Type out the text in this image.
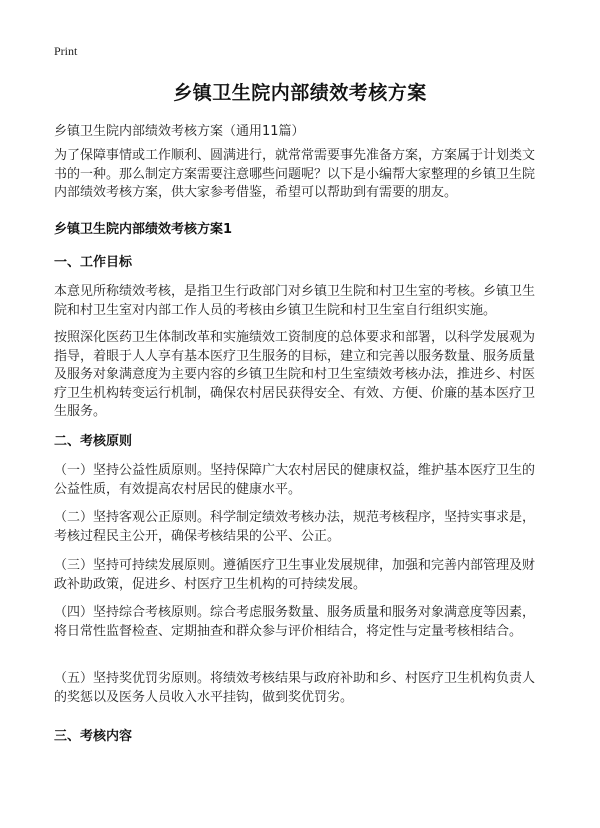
Print
乡镇卫生院内部绩效考核方案
乡镇卫生院内部绩效考核方案（通用11篇）

为了保障事情或工作顺利、圆满进行，就常常需要事先准备方案，方案属于计划类文书的一种。那么制定方案需要注意哪些问题呢？以下是小编帮大家整理的乡镇卫生院内部绩效考核方案，供大家参考借鉴，希望可以帮助到有需要的朋友。

乡镇卫生院内部绩效考核方案1
一、工作目标

本意见所称绩效考核，是指卫生行政部门对乡镇卫生院和村卫生室的考核。乡镇卫生院和村卫生室对内部工作人员的考核由乡镇卫生院和村卫生室自行组织实施。

按照深化医药卫生体制改革和实施绩效工资制度的总体要求和部署，以科学发展观为指导，着眼于人人享有基本医疗卫生服务的目标，建立和完善以服务数量、服务质量及服务对象满意度为主要内容的乡镇卫生院和村卫生室绩效考核办法，推进乡、村医疗卫生机构转变运行机制，确保农村居民获得安全、有效、方便、价廉的基本医疗卫生服务。

二、考核原则

（一）坚持公益性质原则。坚持保障广大农村居民的健康权益，维护基本医疗卫生的公益性质，有效提高农村居民的健康水平。

（二）坚持客观公正原则。科学制定绩效考核办法，规范考核程序，坚持实事求是，考核过程民主公开，确保考核结果的公平、公正。

（三）坚持可持续发展原则。遵循医疗卫生事业发展规律，加强和完善内部管理及财政补助政策，促进乡、村医疗卫生机构的可持续发展。

（四）坚持综合考核原则。综合考虑服务数量、服务质量和服务对象满意度等因素，将日常性监督检查、定期抽查和群众参与评价相结合，将定性与定量考核相结合。

（五）坚持奖优罚劣原则。将绩效考核结果与政府补助和乡、村医疗卫生机构负责人的奖惩以及医务人员收入水平挂钩，做到奖优罚劣。

三、考核内容
